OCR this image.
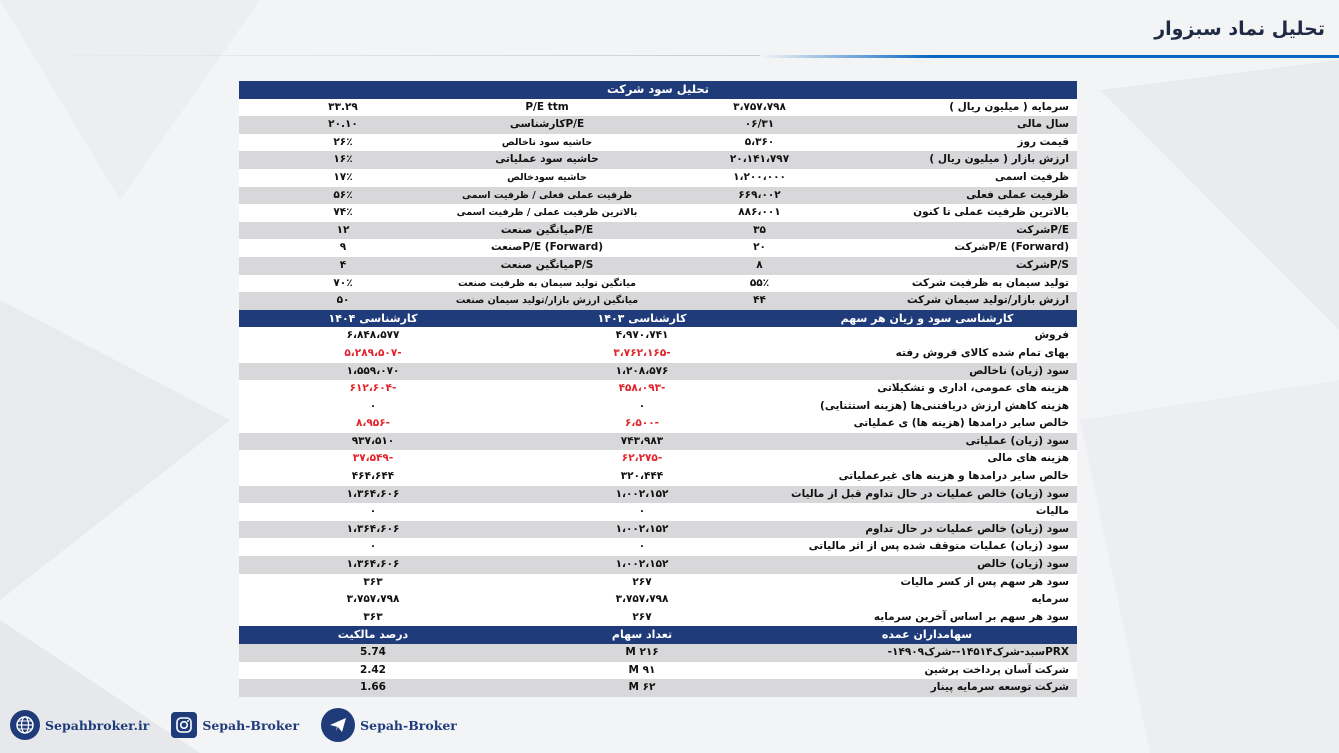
تحلیل نماد سبزوار
تحلیل سود شرکت			
سرمایه ( میلیون ریال )	۳،۷۵۷،۷۹۸	P/E ttm	۳۳.۲۹
سال مالی	۰۶/۳۱	P/Eکارشناسی	۲۰.۱۰
قیمت روز	۵،۳۶۰	حاشیه سود ناخالص	۲۶٪
ارزش بازار ( میلیون ریال )	۲۰،۱۴۱،۷۹۷	حاشیه سود عملیاتی	۱۶٪
ظرفیت اسمی	۱،۲۰۰،۰۰۰	حاشیه سودخالص	۱۷٪
ظرفیت عملی فعلی	۶۶۹،۰۰۲	ظرفیت عملی فعلی / ظرفیت اسمی	۵۶٪
بالاترین ظرفیت عملی تا کنون	۸۸۶،۰۰۱	بالاترین ظرفیت عملی / ظرفیت اسمی	۷۴٪
P/Eشرکت	۳۵	P/Eمیانگین صنعت	۱۲
P/E (Forward)شرکت	۲۰	P/E (Forward)صنعت	۹
P/Sشرکت	۸	P/Sمیانگین صنعت	۴
تولید سیمان به ظرفیت شرکت	۵۵٪	میانگین تولید سیمان به ظرفیت صنعت	۷۰٪
ارزش بازار/تولید سیمان شرکت	۴۴	میانگین ارزش بازار/تولید سیمان صنعت	۵۰
کارشناسی سود و زیان هر سهم	کارشناسی ۱۴۰۳	کارشناسی ۱۴۰۴
فروش	۴،۹۷۰،۷۴۱	۶،۸۴۸،۵۷۷
بهای تمام شده کالای فروش رفته	-۳،۷۶۲،۱۶۵	-۵،۲۸۹،۵۰۷
سود (زیان) ناخالص	۱،۲۰۸،۵۷۶	۱،۵۵۹،۰۷۰
هزینه های عمومی، اداری و تشکیلاتی	-۴۵۸،۰۹۳	-۶۱۲،۶۰۴
هزینه کاهش ارزش دریافتنی‌ها (هزینه استثنایی)	۰	۰
خالص سایر درامدها (هزینه ها) ی عملیاتی	-۶،۵۰۰	-۸،۹۵۶
سود (زیان) عملیاتی	۷۴۳،۹۸۳	۹۳۷،۵۱۰
هزینه های مالی	-۶۲،۲۷۵	-۳۷،۵۴۹
خالص سایر درامدها و هزینه های غیرعملیاتی	۳۲۰،۴۴۴	۴۶۴،۶۴۴
سود (زیان) خالص عملیات در حال تداوم قبل از مالیات	۱،۰۰۲،۱۵۲	۱،۳۶۴،۶۰۶
مالیات	۰	۰
سود (زیان) خالص عملیات در حال تداوم	۱،۰۰۲،۱۵۲	۱،۳۶۴،۶۰۶
سود (زیان) عملیات متوقف شده پس از اثر مالیاتی	۰	۰
سود (زیان) خالص	۱،۰۰۲،۱۵۲	۱،۳۶۴،۶۰۶
سود هر سهم پس از کسر مالیات	۲۶۷	۳۶۳
سرمایه	۳،۷۵۷،۷۹۸	۳،۷۵۷،۷۹۸
سود هر سهم بر اساس آخرین سرمایه	۲۶۷	۳۶۳
سهامداران عمده	تعداد سهام	درصد مالکیت
PRXسبد-شرک۱۴۵۱۴--شرک۱۴۹۰۹-	۲۱۶ M	5.74
شرکت آسان پرداخت پرشین	۹۱ M	2.42
شرکت توسعه سرمایه پینار	۶۲ M	1.66
Sepahbroker.ir	Sepah-Broker	Sepah-Broker
